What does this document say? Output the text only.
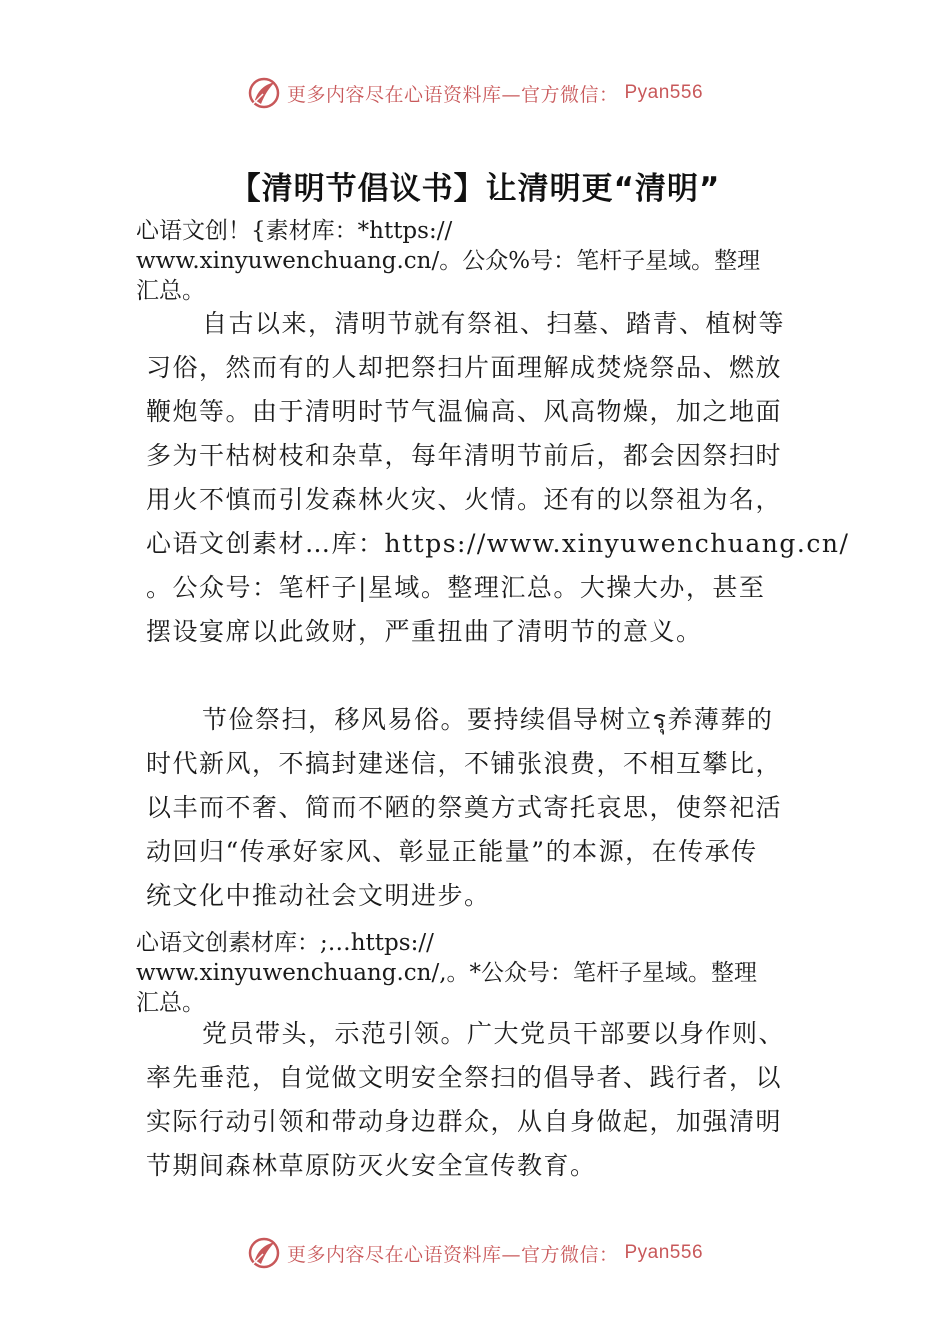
更多内容尽在心语资料库—官方微信： Pyan556
【清明节倡议书】让清明更“清明”
心语文创！{素材库：*https://
www.xinyuwenchuang.cn/。公众%号：笔杆子星域。整理
汇总。
自古以来，清明节就有祭祖、扫墓、踏青、植树等
习俗，然而有的人却把祭扫片面理解成焚烧祭品、燃放
鞭炮等。由于清明时节气温偏高、风高物燥，加之地面
多为干枯树枝和杂草，每年清明节前后，都会因祭扫时
用火不慎而引发森林火灾、火情。还有的以祭祖为名，
心语文创素材…库：https://www.xinyuwenchuang.cn/
。公众号：笔杆子|星域。整理汇总。大操大办，甚至
摆设宴席以此敛财，严重扭曲了清明节的意义。
节俭祭扫，移风易俗。要持续倡导树立รุ养薄葬的
时代新风，不搞封建迷信，不铺张浪费，不相互攀比，
以丰而不奢、简而不陋的祭奠方式寄托哀思，使祭祀活
动回归“传承好家风、彰显正能量”的本源，在传承传
统文化中推动社会文明进步。
心语文创素材库：;…https://
www.xinyuwenchuang.cn/,。*公众号：笔杆子星域。整理
汇总。
党员带头，示范引领。广大党员干部要以身作则、
率先垂范，自觉做文明安全祭扫的倡导者、践行者，以
实际行动引领和带动身边群众，从自身做起，加强清明
节期间森林草原防灭火安全宣传教育。
更多内容尽在心语资料库—官方微信： Pyan556
